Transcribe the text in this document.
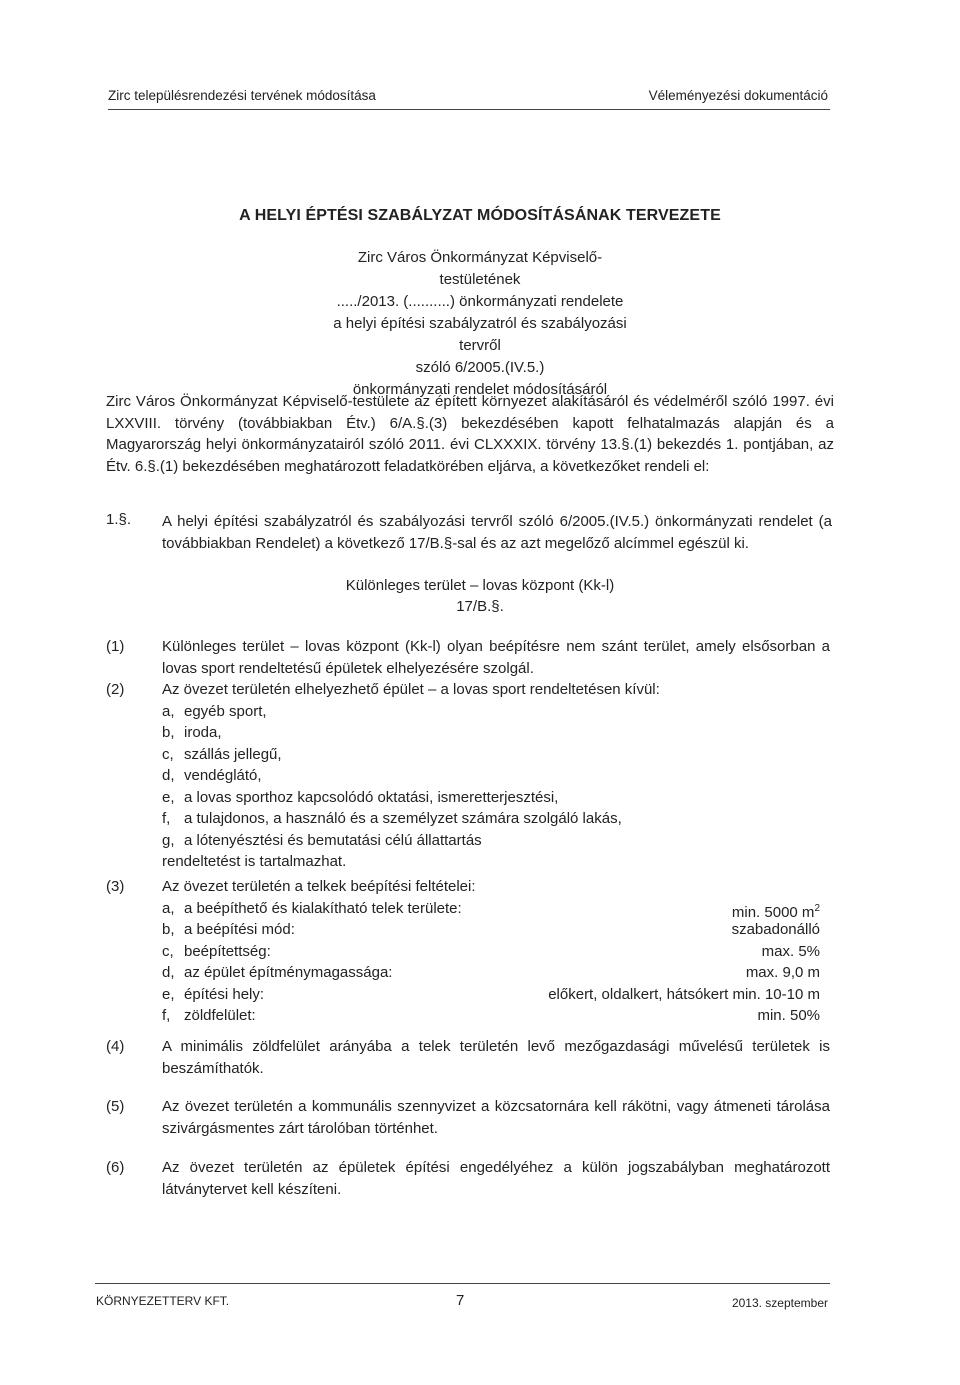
Zirc településrendezési tervének módosítása	Véleményezési dokumentáció
A HELYI ÉPTÉSI SZABÁLYZAT MÓDOSÍTÁSÁNAK TERVEZETE
Zirc Város Önkormányzat Képviselő-testületének
...../2013. (..........) önkormányzati rendelete
a helyi építési szabályzatról és szabályozási tervről
szóló 6/2005.(IV.5.)
önkormányzati rendelet módosításáról
Zirc Város Önkormányzat Képviselő-testülete az épített környezet alakításáról és védelméről szóló 1997. évi LXXVIII. törvény (továbbiakban Étv.) 6/A.§.(3) bekezdésében kapott felhatalmazás alapján és a Magyarország helyi önkormányzatairól szóló 2011. évi CLXXXIX. törvény 13.§.(1) bekezdés 1. pontjában, az Étv. 6.§.(1) bekezdésében meghatározott feladatkörében eljárva, a következőket rendeli el:
1.§. A helyi építési szabályzatról és szabályozási tervről szóló 6/2005.(IV.5.) önkormányzati rendelet (a továbbiakban Rendelet) a következő 17/B.§-sal és az azt megelőző alcímmel egészül ki.
Különleges terület – lovas központ (Kk-l)
17/B.§.
(1)	Különleges terület – lovas központ (Kk-l) olyan beépítésre nem szánt terület, amely elsősorban a lovas sport rendeltetésű épületek elhelyezésére szolgál.
(2)	Az övezet területén elhelyezhető épület – a lovas sport rendeltetésen kívül:
a, egyéb sport,
b, iroda,
c, szállás jellegű,
d, vendéglátó,
e, a lovas sporthoz kapcsolódó oktatási, ismeretterjesztési,
f, a tulajdonos, a használó és a személyzet számára szolgáló lakás,
g, a lótenyésztési és bemutatási célú állattartás
rendeltetést is tartalmazhat.
(3)	Az övezet területén a telkek beépítési feltételei:
a, a beépíthető és kialakítható telek területe:	min. 5000 $m^2$
b, a beépítési mód:	szabadonálló
c, beépítettség:	max. 5%
d, az épület építménymagassága:	max. 9,0 m
e, építési hely:	előkert, oldalkert, hátsókert min. 10-10 m
f, zöldfelület:	min. 50%
(4)	A minimális zöldfelület arányába a telek területén levő mezőgazdasági művelésű területek is beszámíthatók.
(5)	Az övezet területén a kommunális szennyvizet a közcsatornára kell rákötni, vagy átmeneti tárolása szivárgásmentes zárt tárolóban történhet.
(6)	Az övezet területén az épületek építési engedélyéhez a külön jogszabályban meghatározott látványtervet kell készíteni.
KÖRNYEZETTERV KFT.	7	2013. szeptember
